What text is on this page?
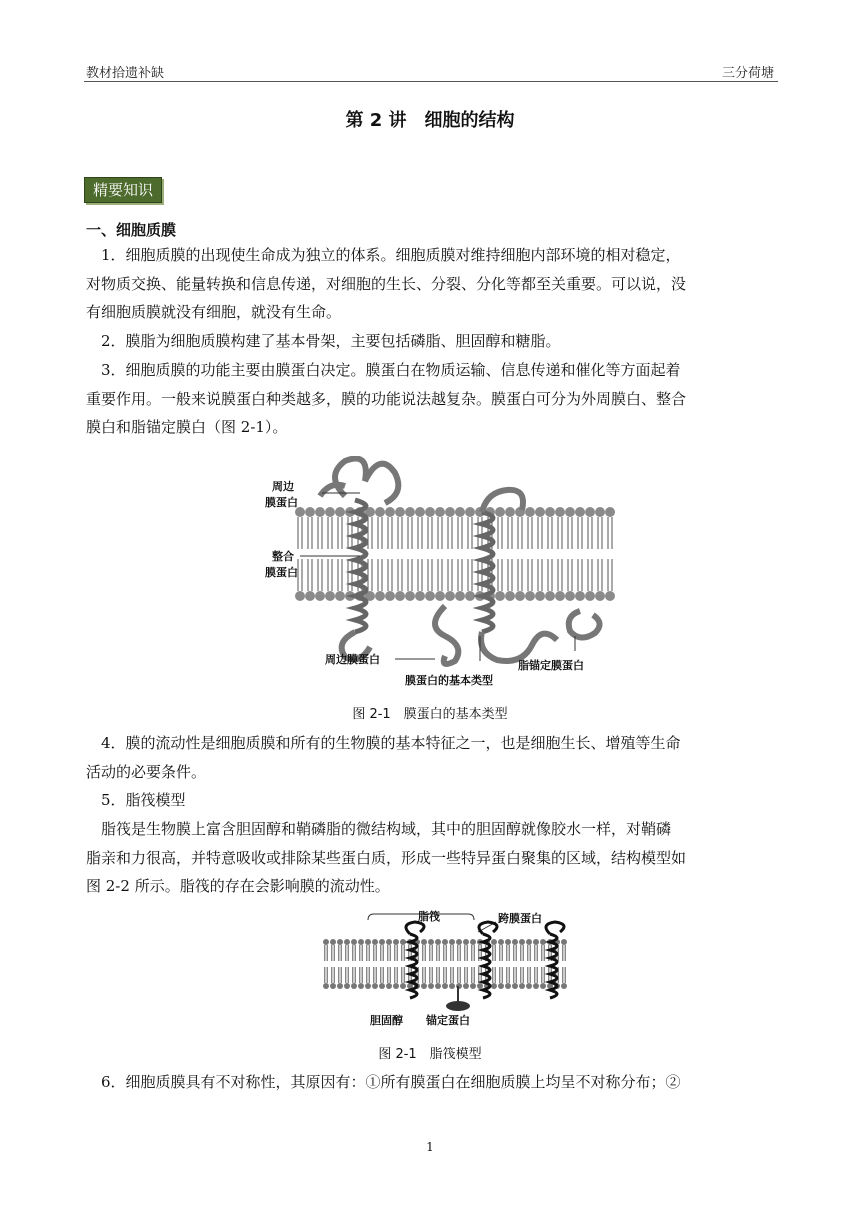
教材拾遗补缺	三分荷塘
第 2 讲　细胞的结构
精要知识
一、细胞质膜
　1．细胞质膜的出现使生命成为独立的体系。细胞质膜对维持细胞内部环境的相对稳定，
对物质交换、能量转换和信息传递，对细胞的生长、分裂、分化等都至关重要。可以说，没
有细胞质膜就没有细胞，就没有生命。
　2．膜脂为细胞质膜构建了基本骨架，主要包括磷脂、胆固醇和糖脂。
　3．细胞质膜的功能主要由膜蛋白决定。膜蛋白在物质运输、信息传递和催化等方面起着
重要作用。一般来说膜蛋白种类越多，膜的功能说法越复杂。膜蛋白可分为外周膜白、整合
膜白和脂锚定膜白（图 2-1）。
周边
膜蛋白
整合
膜蛋白
周边膜蛋白	脂锚定膜蛋白
膜蛋白的基本类型
图 2-1　膜蛋白的基本类型
　4．膜的流动性是细胞质膜和所有的生物膜的基本特征之一，也是细胞生长、增殖等生命
活动的必要条件。
　5．脂筏模型
　脂筏是生物膜上富含胆固醇和鞘磷脂的微结构域，其中的胆固醇就像胶水一样，对鞘磷
脂亲和力很高，并特意吸收或排除某些蛋白质，形成一些特异蛋白聚集的区域，结构模型如
图 2-2 所示。脂筏的存在会影响膜的流动性。
脂筏	跨膜蛋白
胆固醇 锚定蛋白
图 2-1　脂筏模型
　6．细胞质膜具有不对称性，其原因有：①所有膜蛋白在细胞质膜上均呈不对称分布；②
1
